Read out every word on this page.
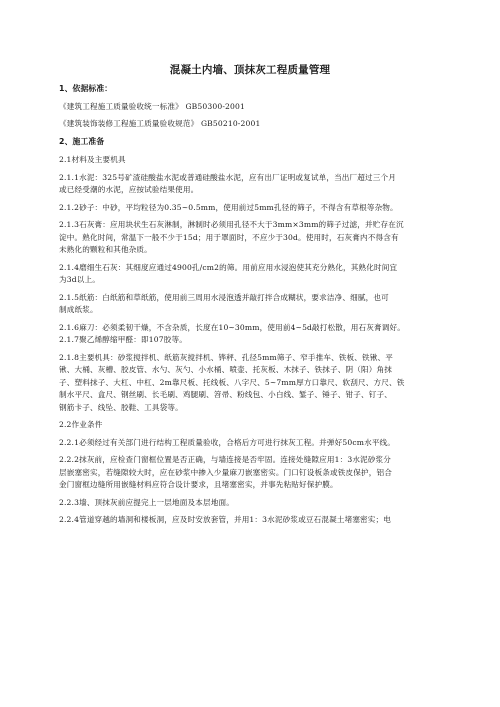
混凝土内墙、顶抹灰工程质量管理
1、依据标准：
《建筑工程施工质量验收统一标准》 GB50300-2001
《建筑装饰装修工程施工质量验收规范》 GB50210-2001
2、施工准备
2.1材料及主要机具
2.1.1水泥：325号矿渣硅酸盐水泥或普通硅酸盐水泥，应有出厂证明或复试单，当出厂超过三个月
或已经受潮的水泥，应按试验结果使用。
2.1.2砂子：中砂，平均粒径为0.35~0.5mm，使用前过5mm孔径的筛子，不得含有草根等杂物。
2.1.3石灰膏：应用块状生石灰淋制，淋制时必须用孔径不大于3mm×3mm的筛子过滤，并贮存在沉
淀中。熟化时间，常温下一般不少于15d；用于罩面时，不应少于30d。使用时，石灰膏内不得含有
未熟化的颗粒和其他杂质。
2.1.4磨细生石灰：其细度应通过4900孔/cm2的筛。用前应用水浸泡使其充分熟化，其熟化时间宜
为3d以上。
2.1.5纸筋：白纸筋和草纸筋，使用前三周用水浸泡透并敲打拌合成糊状，要求洁净、细腻，也可
制成纸浆。
2.1.6麻刀：必须柔韧干燥，不含杂质，长度在10~30mm，使用前4~5d敲打松散，用石灰膏调好。
2.1.7聚乙烯醇缩甲醛：即107胶等。
2.1.8主要机具：砂浆搅拌机、纸筋灰搅拌机、铧秤、孔径5mm筛子、窄手推车、铁板、铁锹、平
锹、大桶、灰槽、胶皮管、水勺、灰勺、小水桶、喷壶、托灰板、木抹子、铁抹子、阴（阳）角抹
子、塑料抹子、大杠、中杠、2m靠尺板、托线板、八字尺、5~7mm厚方口靠尺、软刮尺、方尺、铁
制水平尺、盒尺、钢丝刷、长毛刷、鸡腿刷、笤帚、粉线包、小白线、錾子、锤子、钳子、钉子、
钢筋卡子、线坠、胶鞋、工具袋等。
2.2作业条件
2.2.1必须经过有关部门进行结构工程质量验收，合格后方可进行抹灰工程。并弹好50cm水平线。
2.2.2抹灰前，应检查门窗框位置是否正确，与墙连接是否牢固。连接处缝隙应用1：3水泥砂浆分
层嵌塞密实，若缝隙较大时，应在砂浆中掺入少量麻刀嵌塞密实。门口钉设板条或铁皮保护，铝合
金门窗框边缝所用嵌缝材料应符合设计要求，且堵塞密实，并事先粘贴好保护膜。
2.2.3墙、顶抹灰前应提完上一层地面及本层地面。
2.2.4管道穿越的墙洞和楼板洞，应及时安放套管，并用1：3水泥砂浆或豆石混凝土堵塞密实；电
